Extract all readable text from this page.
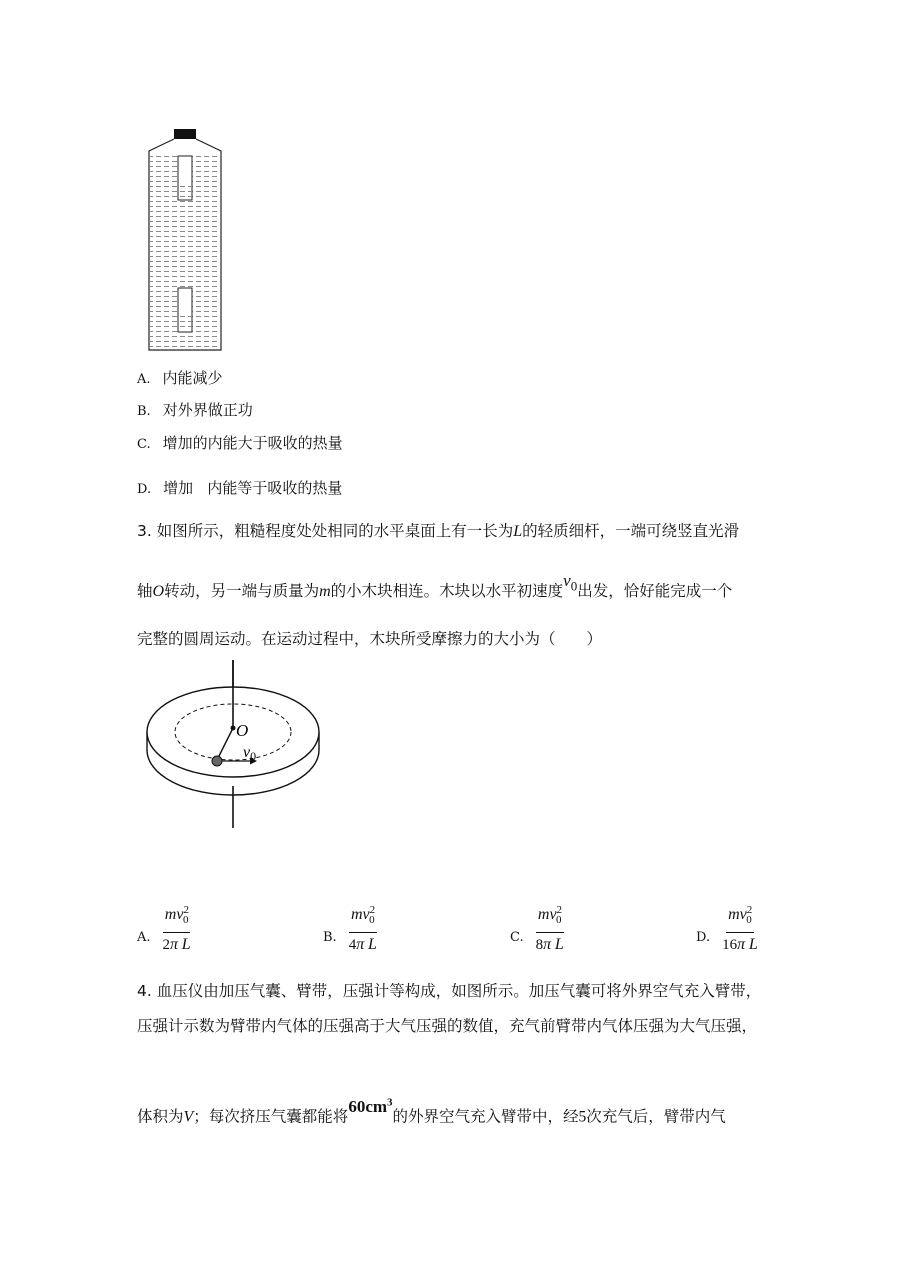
A. 内能减少
B. 对外界做正功
C. 增加的内能大于吸收的热量
D. 增加   内能等于吸收的热量
3. 如图所示，粗糙程度处处相同的水平桌面上有一长为L的轻质细杆，一端可绕竖直光滑
轴O转动，另一端与质量为m的小木块相连。木块以水平初速度$v_0$出发，恰好能完成一个
完整的圆周运动。在运动过程中，木块所受摩擦力的大小为（　　）
O
v0
A. $\frac{mv^2_0}{\text{2π L}}$	B. $\frac{mv^2_0}{\text{4π L}}$	C. $\frac{mv^2_0}{\text{8π L}}$	D. $\frac{mv^2_0}{\text{16π L}}$
4. 血压仪由加压气囊、臂带，压强计等构成，如图所示。加压气囊可将外界空气充入臂带，
压强计示数为臂带内气体的压强高于大气压强的数值，充气前臂带内气体压强为大气压强，
体积为V；每次挤压气囊都能将$60cm^3$的外界空气充入臂带中，经5次充气后，臂带内气
